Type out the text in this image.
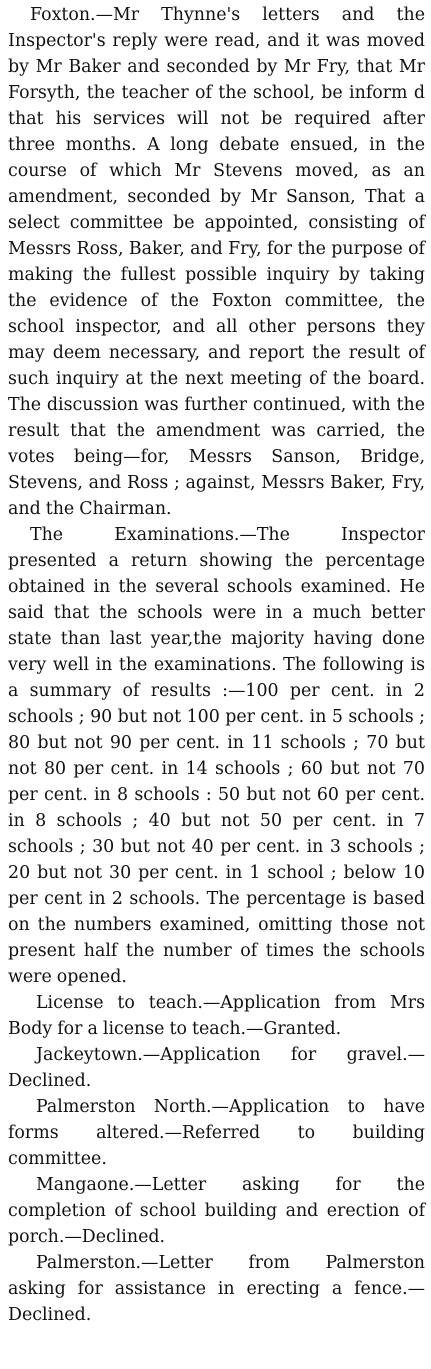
Foxton.—Mr Thynne's letters and the Inspector's reply were read, and it was moved by Mr Baker and seconded by Mr Fry, that Mr Forsyth, the teacher of the school, be inform d that his services will not be required after three months. A long debate ensued, in the course of which Mr Stevens moved, as an amendment, seconded by Mr Sanson, That a select committee be appointed, consisting of Messrs Ross, Baker, and Fry, for the purpose of making the fullest possible inquiry by taking the evidence of the Foxton committee, the school inspector, and all other persons they may deem necessary, and report the result of such inquiry at the next meeting of the board. The discussion was further continued, with the result that the amendment was carried, the votes being—for, Messrs Sanson, Bridge, Stevens, and Ross ; against, Messrs Baker, Fry, and the Chairman.

The Examinations.—The Inspector presented a return showing the percentage obtained in the several schools examined. He said that the schools were in a much better state than last year,the majority having done very well in the examinations. The following is a summary of results :—100 per cent. in 2 schools ; 90 but not 100 per cent. in 5 schools ; 80 but not 90 per cent. in 11 schools ; 70 but not 80 per cent. in 14 schools ; 60 but not 70 per cent. in 8 schools : 50 but not 60 per cent. in 8 schools ; 40 but not 50 per cent. in 7 schools ; 30 but not 40 per cent. in 3 schools ; 20 but not 30 per cent. in 1 school ; below 10 per cent in 2 schools. The percentage is based on the numbers examined, omitting those not present half the number of times the schools were opened.

License to teach.—Application from Mrs Body for a license to teach.—Granted.

Jackeytown.—Application for gravel.—Declined.

Palmerston North.—Application to have forms altered.—Referred to building committee.

Mangaone.—Letter asking for the completion of school building and erection of porch.—Declined.

Palmerston.—Letter from Palmerston asking for assistance in erecting a fence.—Declined.
